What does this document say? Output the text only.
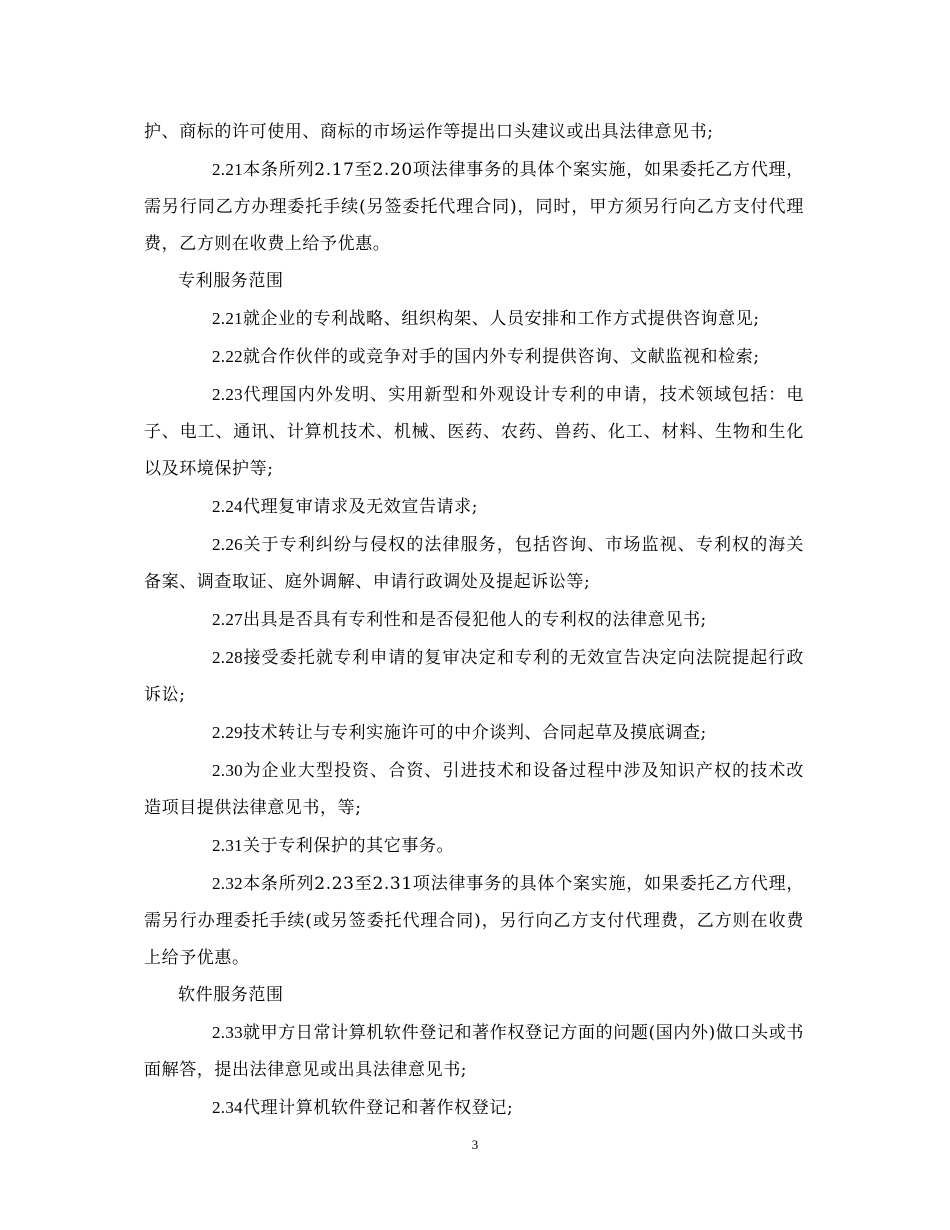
护、商标的许可使用、商标的市场运作等提出口头建议或出具法律意见书;

2.21本条所列2.17至2.20项法律事务的具体个案实施，如果委托乙方代理，需另行同乙方办理委托手续(另签委托代理合同)，同时，甲方须另行向乙方支付代理费，乙方则在收费上给予优惠。

专利服务范围

2.21就企业的专利战略、组织构架、人员安排和工作方式提供咨询意见;

2.22就合作伙伴的或竞争对手的国内外专利提供咨询、文献监视和检索;

2.23代理国内外发明、实用新型和外观设计专利的申请，技术领域包括：电子、电工、通讯、计算机技术、机械、医药、农药、兽药、化工、材料、生物和生化以及环境保护等;

2.24代理复审请求及无效宣告请求;

2.26关于专利纠纷与侵权的法律服务，包括咨询、市场监视、专利权的海关备案、调查取证、庭外调解、申请行政调处及提起诉讼等;

2.27出具是否具有专利性和是否侵犯他人的专利权的法律意见书;

2.28接受委托就专利申请的复审决定和专利的无效宣告决定向法院提起行政诉讼;

2.29技术转让与专利实施许可的中介谈判、合同起草及摸底调查;

2.30为企业大型投资、合资、引进技术和设备过程中涉及知识产权的技术改造项目提供法律意见书，等;

2.31关于专利保护的其它事务。

2.32本条所列2.23至2.31项法律事务的具体个案实施，如果委托乙方代理，需另行办理委托手续(或另签委托代理合同)，另行向乙方支付代理费，乙方则在收费上给予优惠。

软件服务范围

2.33就甲方日常计算机软件登记和著作权登记方面的问题(国内外)做口头或书面解答，提出法律意见或出具法律意见书;

2.34代理计算机软件登记和著作权登记;

3
